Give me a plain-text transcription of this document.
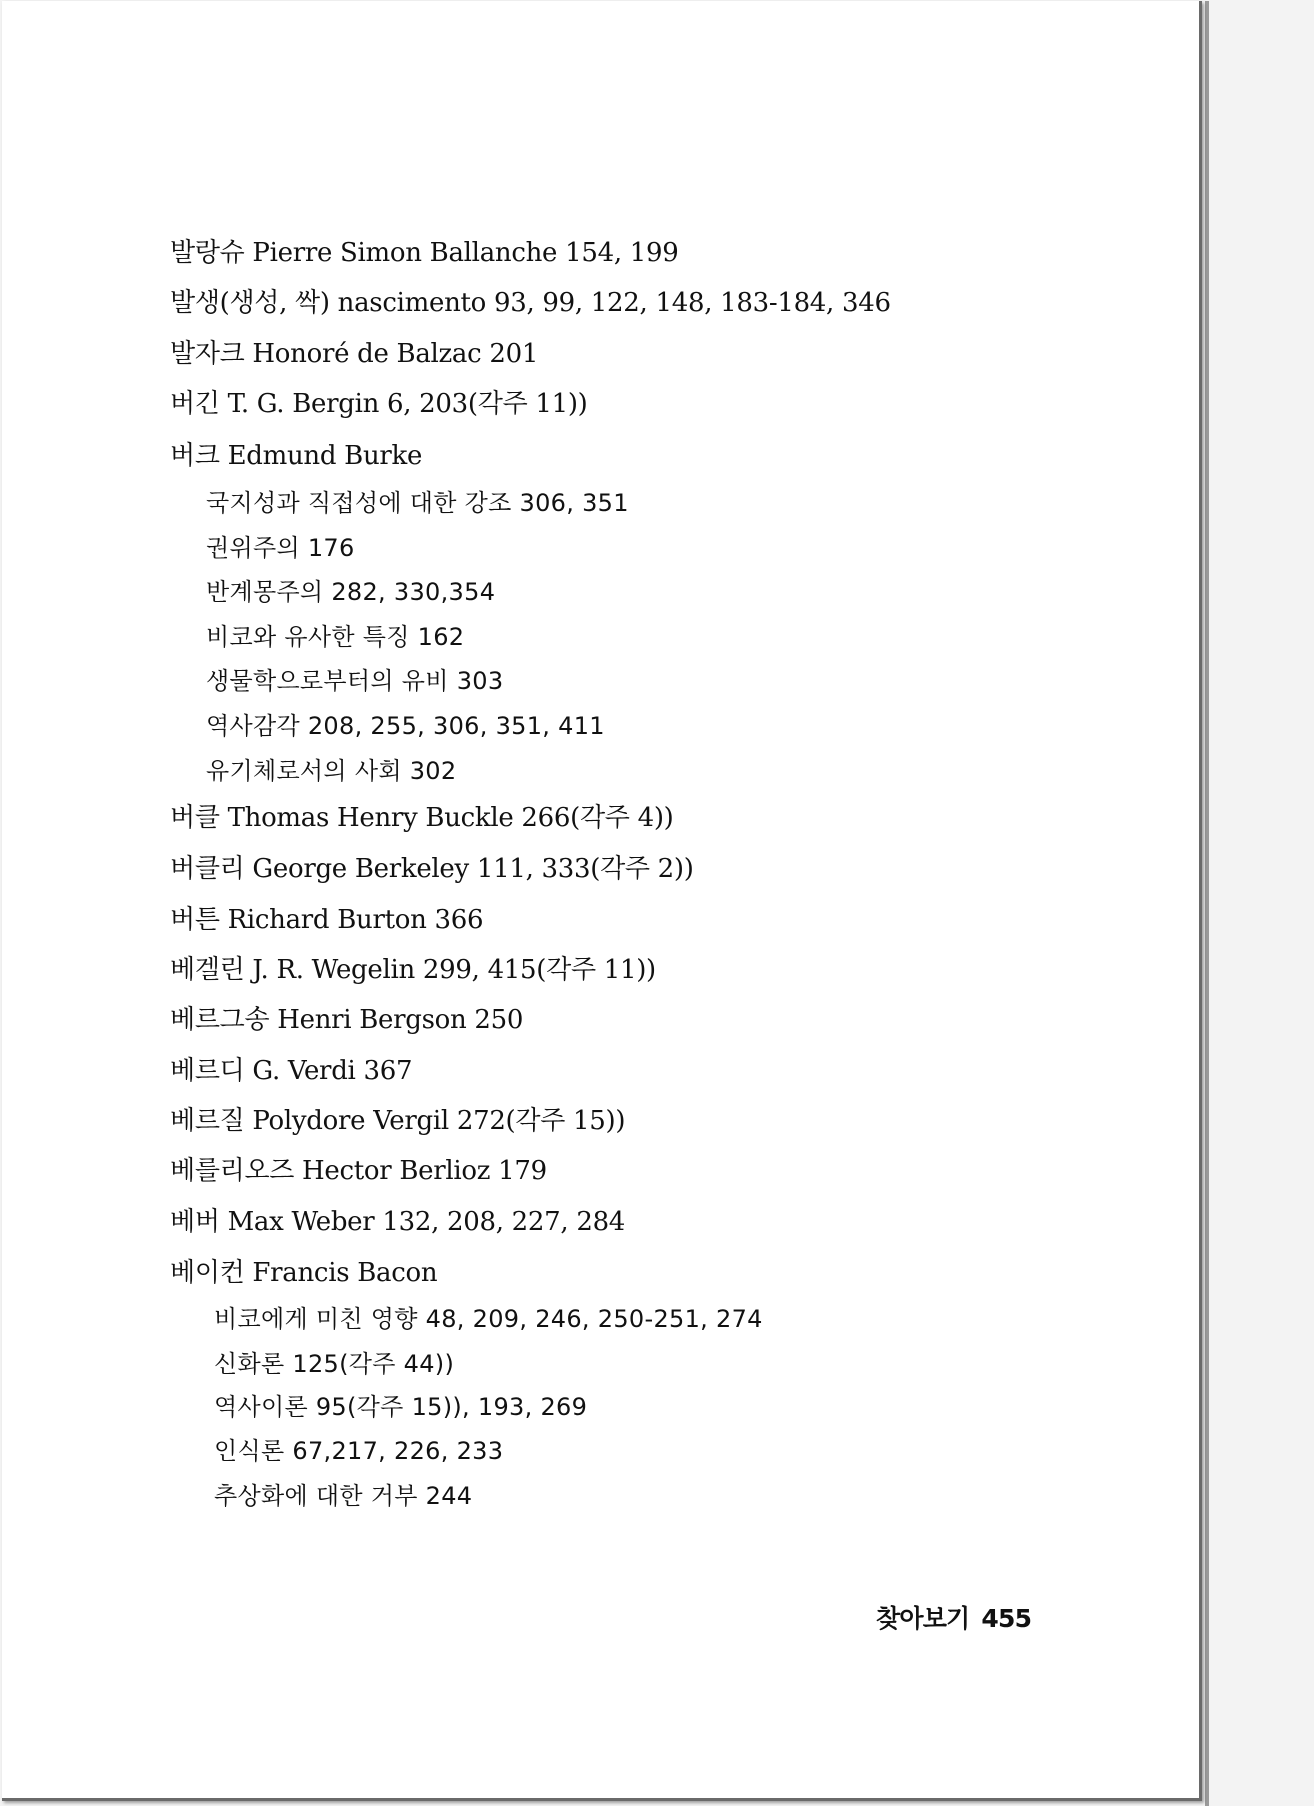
발랑슈 Pierre Simon Ballanche 154, 199
발생(생성, 싹) nascimento 93, 99, 122, 148, 183-184, 346
발자크 Honoré de Balzac 201
버긴 T. G. Bergin 6, 203(각주 11))
버크 Edmund Burke
국지성과 직접성에 대한 강조 306, 351
권위주의 176
반계몽주의 282, 330,354
비코와 유사한 특징 162
생물학으로부터의 유비 303
역사감각 208, 255, 306, 351, 411
유기체로서의 사회 302
버클 Thomas Henry Buckle 266(각주 4))
버클리 George Berkeley 111, 333(각주 2))
버튼 Richard Burton 366
베겔린 J. R. Wegelin 299, 415(각주 11))
베르그송 Henri Bergson 250
베르디 G. Verdi 367
베르질 Polydore Vergil 272(각주 15))
베를리오즈 Hector Berlioz 179
베버 Max Weber 132, 208, 227, 284
베이컨 Francis Bacon
비코에게 미친 영향 48, 209, 246, 250-251, 274
신화론 125(각주 44))
역사이론 95(각주 15)), 193, 269
인식론 67,217, 226, 233
추상화에 대한 거부 244
찾아보기 455
